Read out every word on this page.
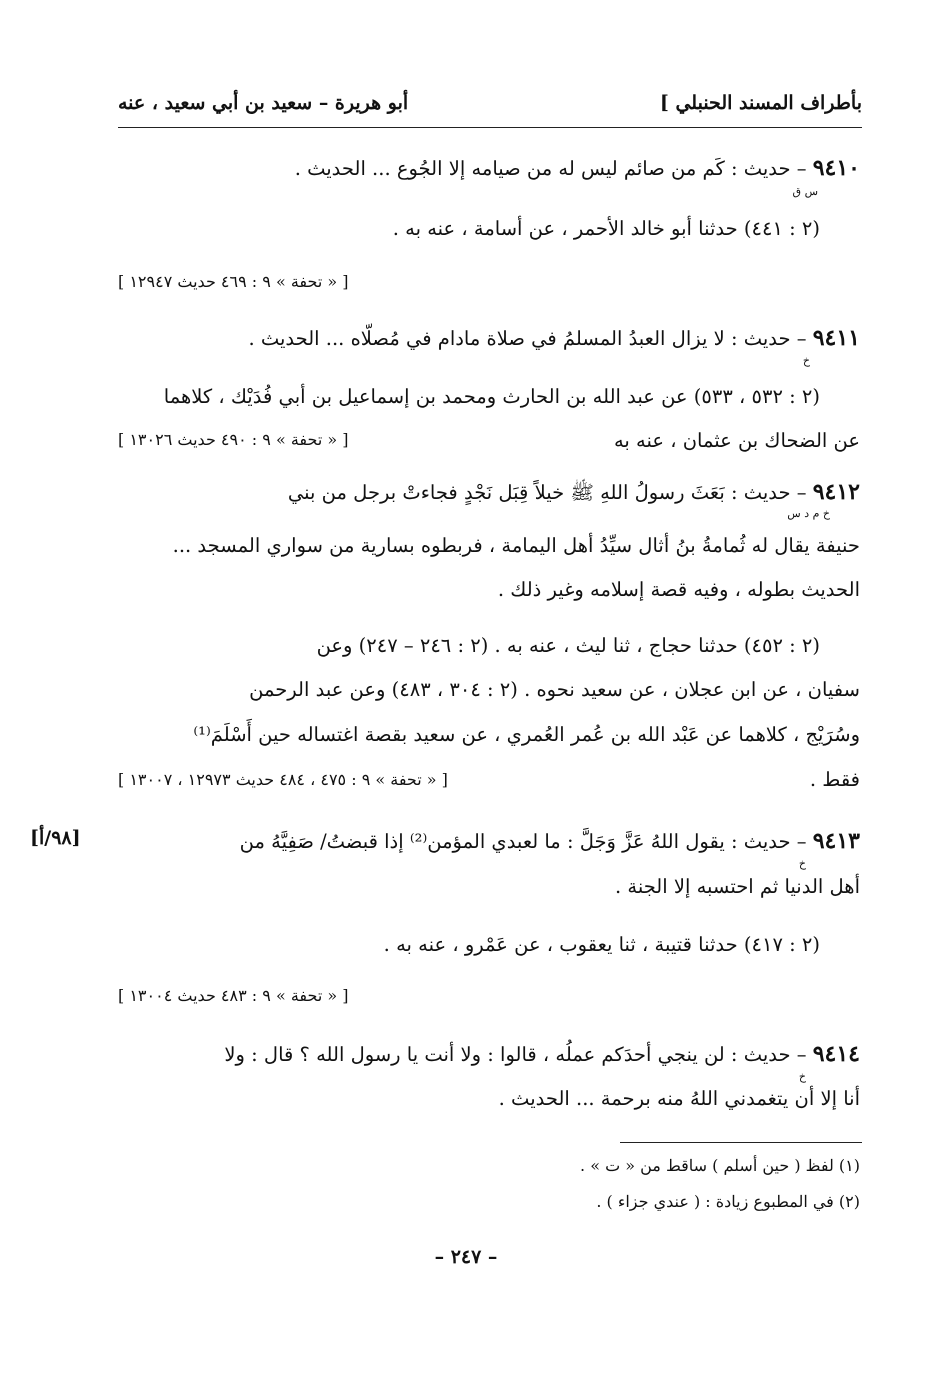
بأطراف المسند الحنبلي ]
أبو هريرة – سعيد بن أبي سعيد ، عنه
٩٤١٠ – حديث : كَم من صائم ليس له من صيامه إلا الجُوع ... الحديث .
س ق
(٢ : ٤٤١) حدثنا أبو خالد الأحمر ، عن أسامة ، عنه به .
[ « تحفة » ٩ : ٤٦٩ حديث ١٢٩٤٧ ]
٩٤١١ – حديث : لا يزال العبدُ المسلمُ في صلاة مادام في مُصلّاه ... الحديث .
خ
(٢ : ٥٣٢ ، ٥٣٣) عن عبد الله بن الحارث ومحمد بن إسماعيل بن أبي فُدَيْك ، كلاهما
عن الضحاك بن عثمان ، عنه به
[ « تحفة » ٩ : ٤٩٠ حديث ١٣٠٢٦ ]
٩٤١٢ – حديث : بَعَثَ رسولُ اللهِ ﷺ خيلاً قِبَل نَجْدٍ فجاءتْ برجل من بني
خ م د س
حنيفة يقال له ثُمامةُ بنُ أثال سيِّدُ أهل اليمامة ، فربطوه بسارية من سواري المسجد ...
الحديث بطوله ، وفيه قصة إسلامه وغير ذلك .
(٢ : ٤٥٢) حدثنا حجاج ، ثنا ليث ، عنه به . (٢ : ٢٤٦ – ٢٤٧) وعن
سفيان ، عن ابن عجلان ، عن سعيد نحوه . (٢ : ٣٠٤ ، ٤٨٣) وعن عبد الرحمن
وسُرَيْج ، كلاهما عن عَبْد الله بن عُمر العُمري ، عن سعيد بقصة اغتساله حين أَسْلَمَ⁽¹⁾
فقط .
[ « تحفة » ٩ : ٤٧٥ ، ٤٨٤ حديث ١٢٩٧٣ ، ١٣٠٠٧ ]
[٩٨/أ]	٩٤١٣ – حديث : يقول اللهُ عَزَّ وَجَلَّ : ما لعبدي المؤمن⁽²⁾ إذا قبضتُ/ صَفِيَّهُ من
خ
أهل الدنيا ثم احتسبه إلا الجنة .
(٢ : ٤١٧) حدثنا قتيبة ، ثنا يعقوب ، عن عَمْرو ، عنه به .
[ « تحفة » ٩ : ٤٨٣ حديث ١٣٠٠٤ ]
٩٤١٤ – حديث : لن ينجي أحدَكم عملُه ، قالوا : ولا أنت يا رسول الله ؟ قال : ولا
خ
أنا إلا أن يتغمدني اللهُ منه برحمة ... الحديث .
(١) لفظ ( حين أسلم ) ساقط من « ت » .
(٢) في المطبوع زيادة : ( عندي جزاء ) .
– ٢٤٧ –
